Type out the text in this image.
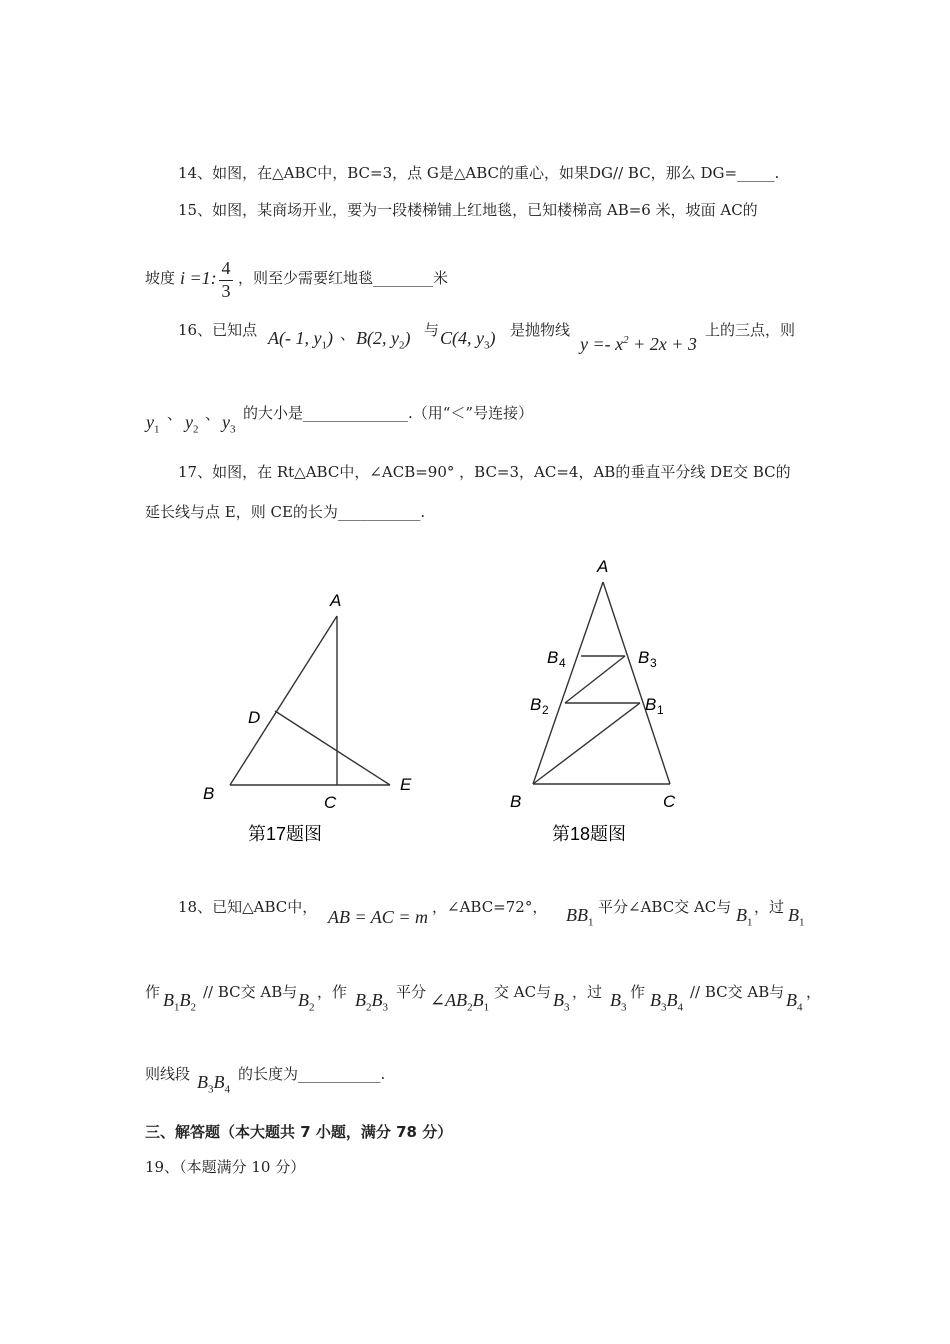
14、如图，在△ABC中，BC=3，点 G是△ABC的重心，如果DG// BC，那么 DG=_____.
15、如图，某商场开业，要为一段楼梯铺上红地毯，已知楼梯高 AB=6 米，坡面 AC的
坡度 i =1: 4
3
，则至少需要红地毯________米
16、已知点 A(- 1, $y_1$) 、 B(2, $y_2$) 与 C(4, $y_3$) 是抛物线
$y =- x^2 + 2x + 3$
上的三点，则
$y_1$
、 $y_2$
、 $y_3$
的大小是______________.（用“＜”号连接）
17、如图，在 Rt△ABC中，∠ACB=90° ，BC=3，AC=4，AB的垂直平分线 DE交 BC的
延长线与点 E，则 CE的长为___________.
A
D
B	C
E
第17题图
A
B 4	B 3
B 2	B 1
B	C
第18题图
18、已知△ABC中， AB = AC = m ，∠ABC=72°， $BB_1$
平分∠ABC交 AC与 $B_1$
，过 $B_1$
作 $B_1B_2$
// BC交 AB与 $B_2$
，作 $B_2B_3$
平分 $\angle AB_2B_1$
交 AC与 $B_3$
，过 $B_3$
作 $B_3B_4$
// BC交 AB与 $B_4$
，
则线段 $B_3B_4$
的长度为___________.
三、解答题（本大题共 7 小题，满分 78 分）
19、（本题满分 10 分）
